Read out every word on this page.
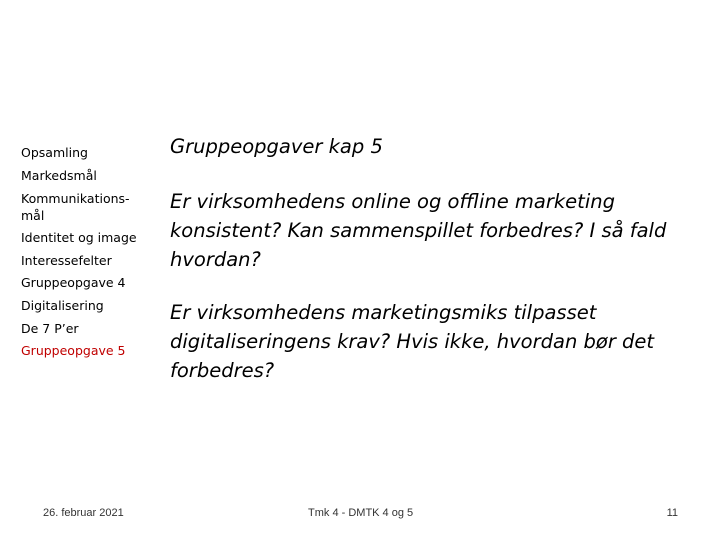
Opsamling
Markedsmål
Kommunikations-
mål
Identitet og image
Interessefelter
Gruppeopgave 4
Digitalisering
De 7 P’er
Gruppeopgave 5

Gruppeopgaver kap 5

Er virksomhedens online og offline marketing konsistent? Kan sammenspillet forbedres? I så fald hvordan?

Er virksomhedens marketingsmiks tilpasset digitaliseringens krav? Hvis ikke, hvordan bør det forbedres?

26. februar 2021	Tmk 4 - DMTK 4 og 5	11
